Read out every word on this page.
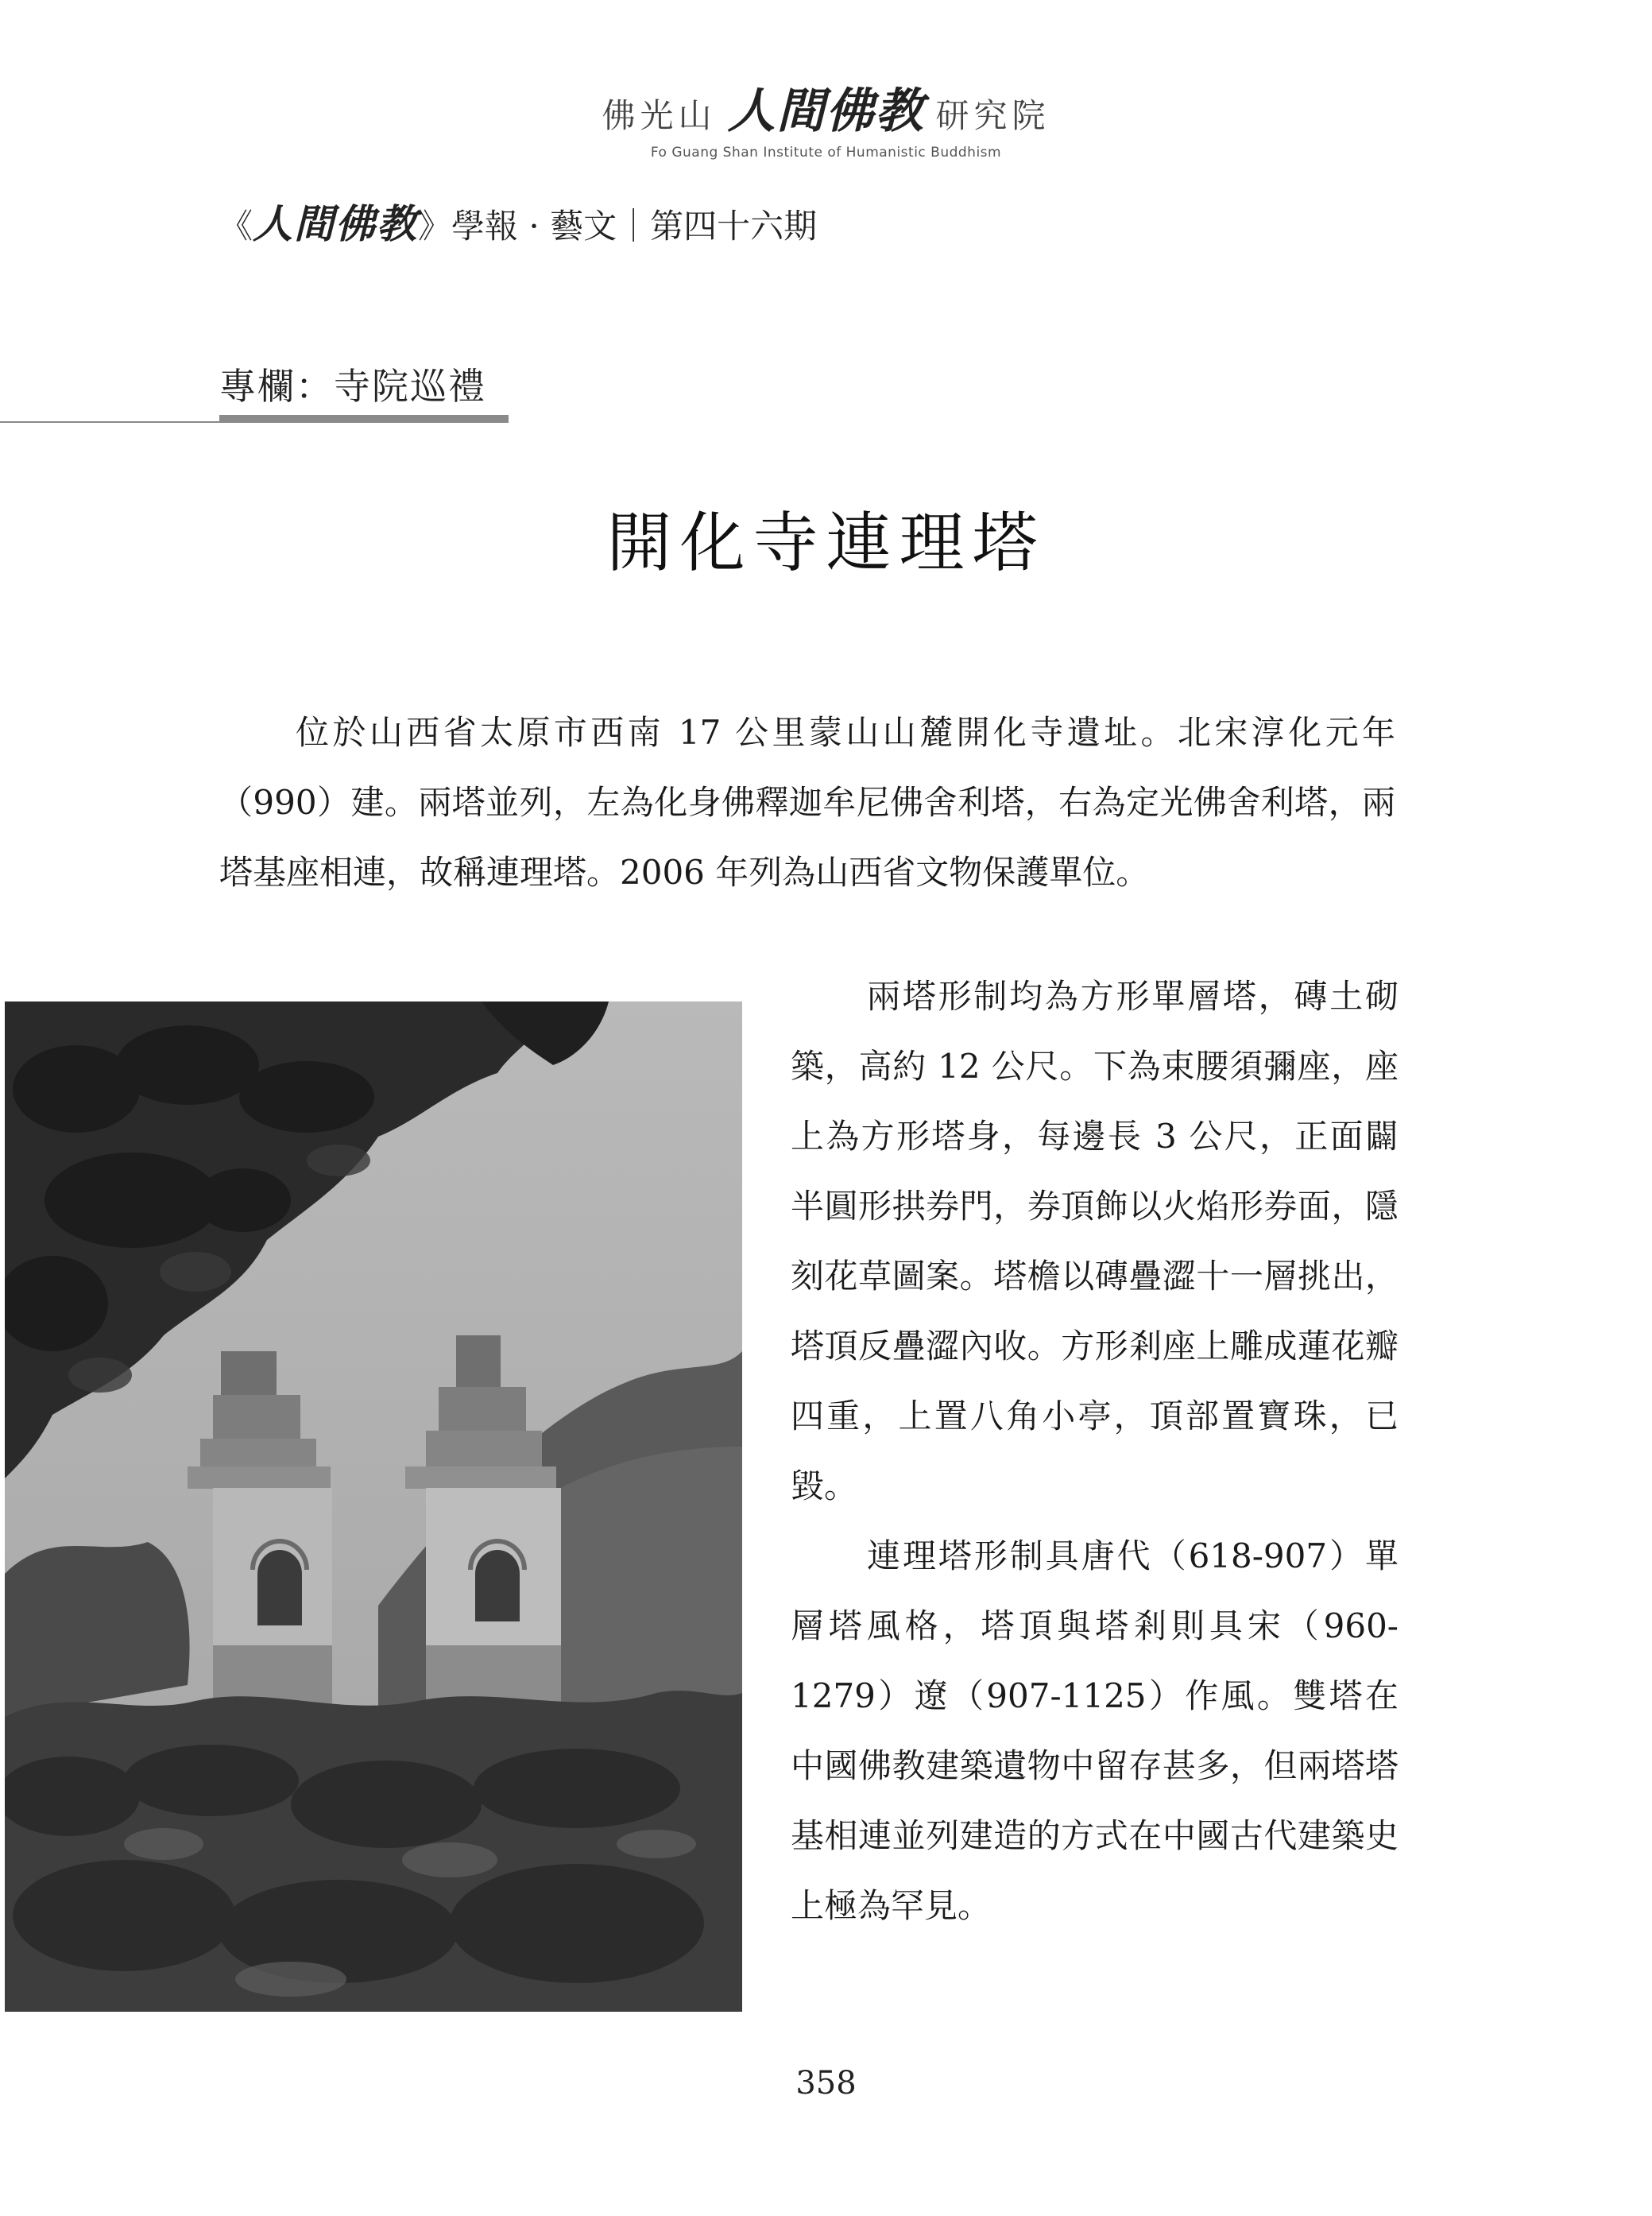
佛光山 人間佛教 研究院
Fo Guang Shan Institute of Humanistic Buddhism
《人間佛教》學報 · 藝文｜第四十六期
專欄：寺院巡禮
開化寺連理塔

位於山西省太原市西南 17 公里蒙山山麓開化寺遺址。北宋淳化元年（990）建。兩塔並列，左為化身佛釋迦牟尼佛舍利塔，右為定光佛舍利塔，兩塔基座相連，故稱連理塔。2006 年列為山西省文物保護單位。

兩塔形制均為方形單層塔，磚土砌築，高約 12 公尺。下為束腰須彌座，座上為方形塔身，每邊長 3 公尺，正面闢半圓形拱券門，券頂飾以火焰形券面，隱刻花草圖案。塔檐以磚疊澀十一層挑出，塔頂反疊澀內收。方形剎座上雕成蓮花瓣四重，上置八角小亭，頂部置寶珠，已毀。

連理塔形制具唐代（618-907）單層塔風格，塔頂與塔剎則具宋（960-1279）遼（907-1125）作風。雙塔在中國佛教建築遺物中留存甚多，但兩塔塔基相連並列建造的方式在中國古代建築史上極為罕見。

358
